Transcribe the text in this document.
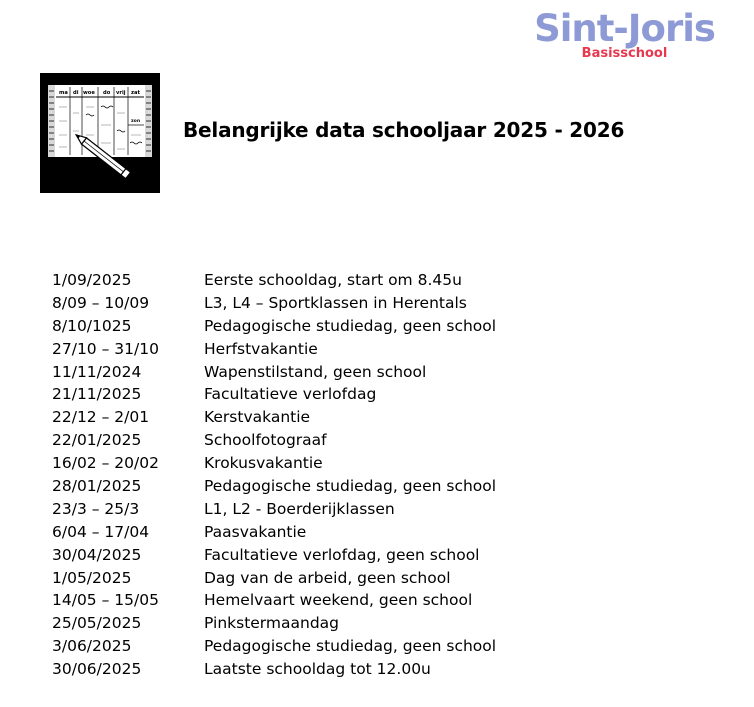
Sint-Joris
Basisschool
ma di woe do vrij zat
zon Belangrijke data schooljaar 2025 - 2026
1/09/2025	Eerste schooldag, start om 8.45u
8/09 – 10/09	L3, L4 – Sportklassen in Herentals
8/10/1025	Pedagogische studiedag, geen school
27/10 – 31/10	Herfstvakantie
11/11/2024	Wapenstilstand, geen school
21/11/2025	Facultatieve verlofdag
22/12 – 2/01	Kerstvakantie
22/01/2025	Schoolfotograaf
16/02 – 20/02	Krokusvakantie
28/01/2025	Pedagogische studiedag, geen school
23/3 – 25/3	L1, L2 - Boerderijklassen
6/04 – 17/04	Paasvakantie
30/04/2025	Facultatieve verlofdag, geen school
1/05/2025	Dag van de arbeid, geen school
14/05 – 15/05	Hemelvaart weekend, geen school
25/05/2025	Pinkstermaandag
3/06/2025	Pedagogische studiedag, geen school
30/06/2025	Laatste schooldag tot 12.00u
